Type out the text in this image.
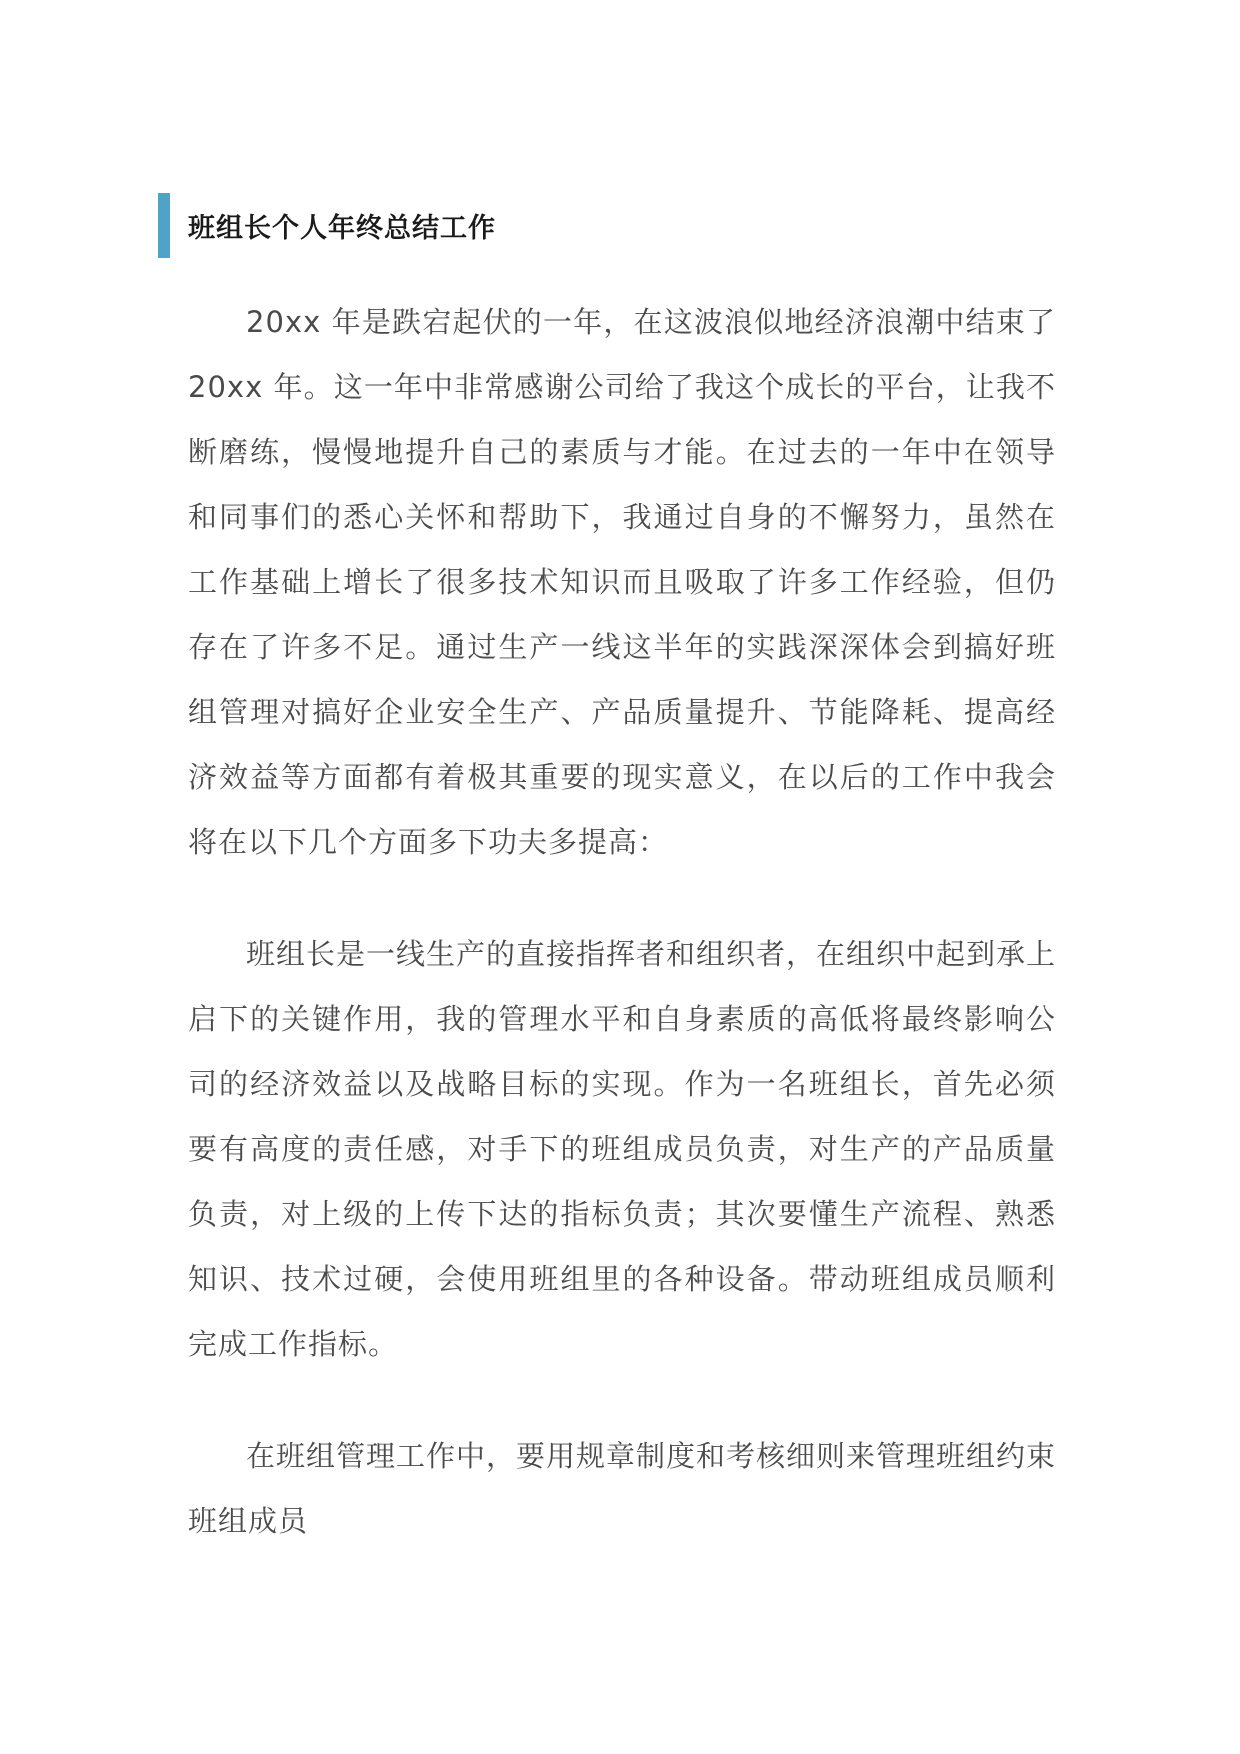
班组长个人年终总结工作

20xx 年是跌宕起伏的一年，在这波浪似地经济浪潮中结束了 20xx 年。这一年中非常感谢公司给了我这个成长的平台，让我不断磨练，慢慢地提升自己的素质与才能。在过去的一年中在领导和同事们的悉心关怀和帮助下，我通过自身的不懈努力，虽然在工作基础上增长了很多技术知识而且吸取了许多工作经验，但仍存在了许多不足。通过生产一线这半年的实践深深体会到搞好班组管理对搞好企业安全生产、产品质量提升、节能降耗、提高经济效益等方面都有着极其重要的现实意义，在以后的工作中我会将在以下几个方面多下功夫多提高：

班组长是一线生产的直接指挥者和组织者，在组织中起到承上启下的关键作用，我的管理水平和自身素质的高低将最终影响公司的经济效益以及战略目标的实现。作为一名班组长，首先必须要有高度的责任感，对手下的班组成员负责，对生产的产品质量负责，对上级的上传下达的指标负责；其次要懂生产流程、熟悉知识、技术过硬，会使用班组里的各种设备。带动班组成员顺利完成工作指标。

在班组管理工作中，要用规章制度和考核细则来管理班组约束班组成员
